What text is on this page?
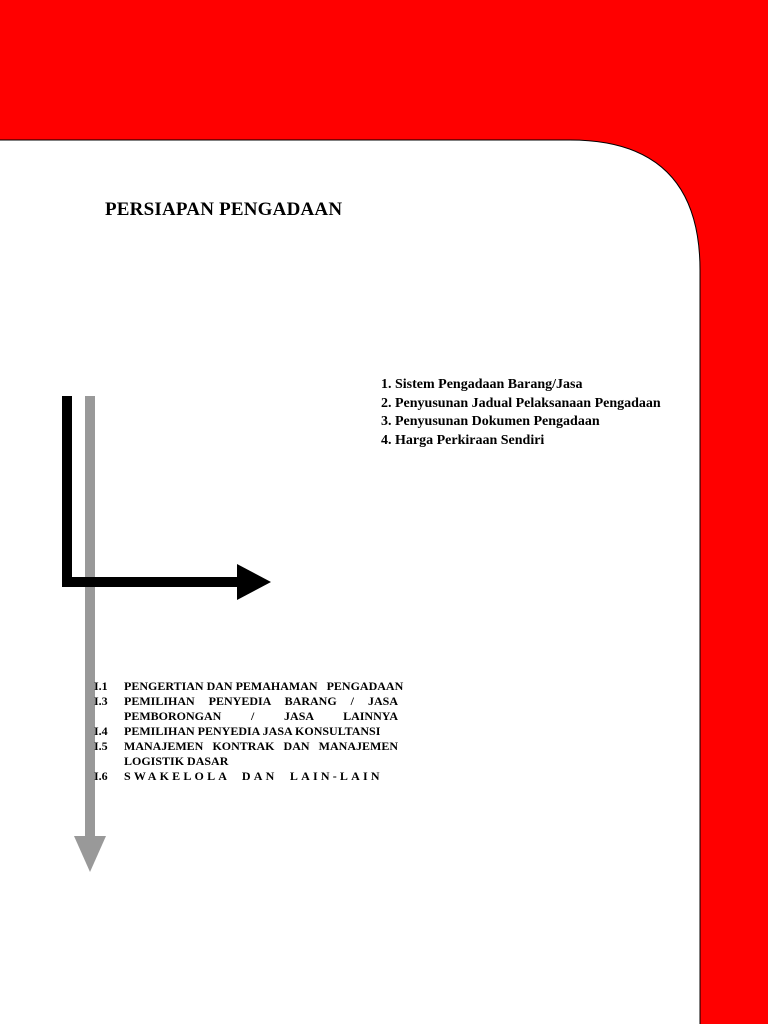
PERSIAPAN PENGADAAN
1. Sistem Pengadaan Barang/Jasa
2. Penyusunan Jadual Pelaksanaan Pengadaan
3. Penyusunan Dokumen Pengadaan
4. Harga Perkiraan Sendiri
I.1 PENGERTIAN DAN PEMAHAMAN   PENGADAAN
I.3 PEMILIHAN PENYEDIA BARANG / JASA
PEMBORONGAN / JASA LAINNYA
I.4 PEMILIHAN PENYEDIA JASA KONSULTANSI
I.5 MANAJEMEN KONTRAK DAN MANAJEMEN
LOGISTIK DASAR
I.6 SWAKELOLA  DAN  LAIN-LAIN
